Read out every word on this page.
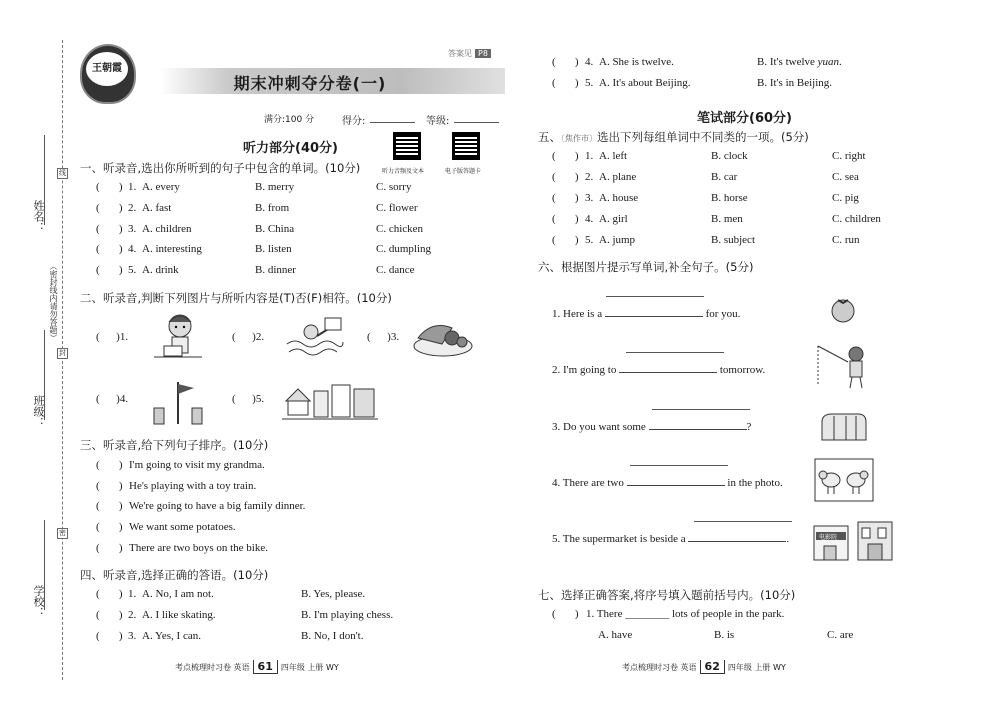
姓名：
班级：
学校：
（密封线内请勿答题）
线
封
密
答案见 P8
王朝霞
期末冲刺夺分卷(一)
满分:100 分	得分:	等级:
听力音频及文本	电子版答题卡
听力部分(40分)
一、听录音,选出你所听到的句子中包含的单词。(10分)
(       ) 1. A. every	B. merry	C. sorry
(       ) 2. A. fast	B. from	C. flower
(       ) 3. A. children	B. China	C. chicken
(       ) 4. A. interesting	B. listen	C. dumpling
(       ) 5. A. drink	B. dinner	C. dance
二、听录音,判断下列图片与所听内容是(T)否(F)相符。(10分)
(      )1.	(      )2.	(      )3.
(      )4.	(      )5.
三、听录音,给下列句子排序。(10分)
(       ) I'm going to visit my grandma.
(       ) He's playing with a toy train.
(       ) We're going to have a big family dinner.
(       ) We want some potatoes.
(       ) There are two boys on the bike.
四、听录音,选择正确的答语。(10分)
(       ) 1. A. No, I am not.	B. Yes, please.
(       ) 2. A. I like skating.	B. I'm playing chess.
(       ) 3. A. Yes, I can.	B. No, I don't.
(       ) 4. A. She is twelve.	B. It's twelve yuan.
(       ) 5. A. It's about Beijing.	B. It's in Beijing.
笔试部分(60分)
五、〔焦作市〕选出下列每组单词中不同类的一项。(5分)
(       ) 1. A. left	B. clock	C. right
(       ) 2. A. plane	B. car	C. sea
(       ) 3. A. house	B. horse	C. pig
(       ) 4. A. girl	B. men	C. children
(       ) 5. A. jump	B. subject	C. run
六、根据图片提示写单词,补全句子。(5分)
1. Here is a	for you.
2. I'm going to	tomorrow.
3. Do you want some	?
4. There are two	in the photo.
5. The supermarket is beside a	.	电影院
七、选择正确答案,将序号填入题前括号内。(10分)
(       ) 1. There ________ lots of people in the park.
A. have	B. is	C. are
考点梳理时习卷 英语 61 四年级 上册 WY	考点梳理时习卷 英语 62 四年级 上册 WY
